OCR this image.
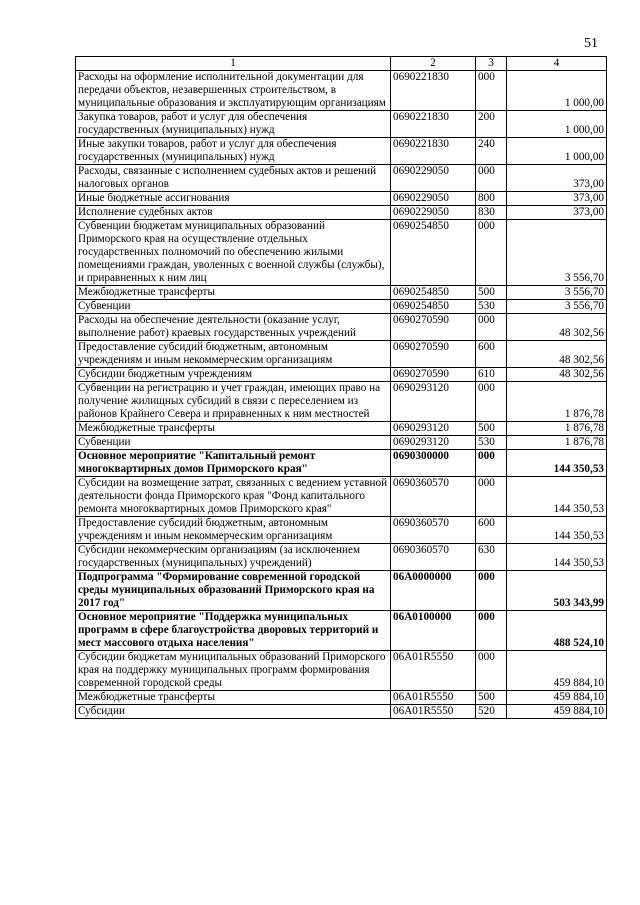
51
1	2	3	4
Расходы на оформление исполнительной документации для передачи объектов, незавершенных строительством, в муниципальные образования и эксплуатирующим организациям	0690221830	000	1 000,00
Закупка товаров, работ и услуг для обеспечения государственных (муниципальных) нужд	0690221830	200	1 000,00
Иные закупки товаров, работ и услуг для обеспечения государственных (муниципальных) нужд	0690221830	240	1 000,00
Расходы, связанные с исполнением судебных актов и решений налоговых органов	0690229050	000	373,00
Иные бюджетные ассигнования	0690229050	800	373,00
Исполнение судебных актов	0690229050	830	373,00
Субвенции бюджетам муниципальных образований Приморского края на осуществление отдельных государственных полномочий по обеспечению жилыми помещениями граждан, уволенных с военной службы (службы), и приравненных к ним лиц	0690254850	000	3 556,70
Межбюджетные трансферты	0690254850	500	3 556,70
Субвенции	0690254850	530	3 556,70
Расходы на обеспечение деятельности (оказание услуг, выполнение работ) краевых государственных учреждений	0690270590	000	48 302,56
Предоставление субсидий бюджетным, автономным учреждениям и иным некоммерческим организациям	0690270590	600	48 302,56
Субсидии бюджетным учреждениям	0690270590	610	48 302,56
Субвенции на регистрацию и учет граждан, имеющих право на получение жилищных субсидий в связи с переселением из районов Крайнего Севера и приравненных к ним местностей	0690293120	000	1 876,78
Межбюджетные трансферты	0690293120	500	1 876,78
Субвенции	0690293120	530	1 876,78
Основное мероприятие "Капитальный ремонт многоквартирных домов Приморского края"	0690300000	000	144 350,53
Субсидии на возмещение затрат, связанных с ведением уставной деятельности фонда Приморского края "Фонд капитального ремонта многоквартирных домов Приморского края"	0690360570	000	144 350,53
Предоставление субсидий бюджетным, автономным учреждениям и иным некоммерческим организациям	0690360570	600	144 350,53
Субсидии некоммерческим организациям (за исключением государственных (муниципальных) учреждений)	0690360570	630	144 350,53
Подпрограмма "Формирование современной городской среды муниципальных образований Приморского края на 2017 год"	06А0000000	000	503 343,99
Основное мероприятие "Поддержка муниципальных программ в сфере благоустройства дворовых территорий и мест массового отдыха населения"	06А0100000	000	488 524,10
Субсидии бюджетам муниципальных образований Приморского края на поддержку муниципальных программ формирования современной городской среды	06А01R5550	000	459 884,10
Межбюджетные трансферты	06А01R5550	500	459 884,10
Субсидии	06А01R5550	520	459 884,10
